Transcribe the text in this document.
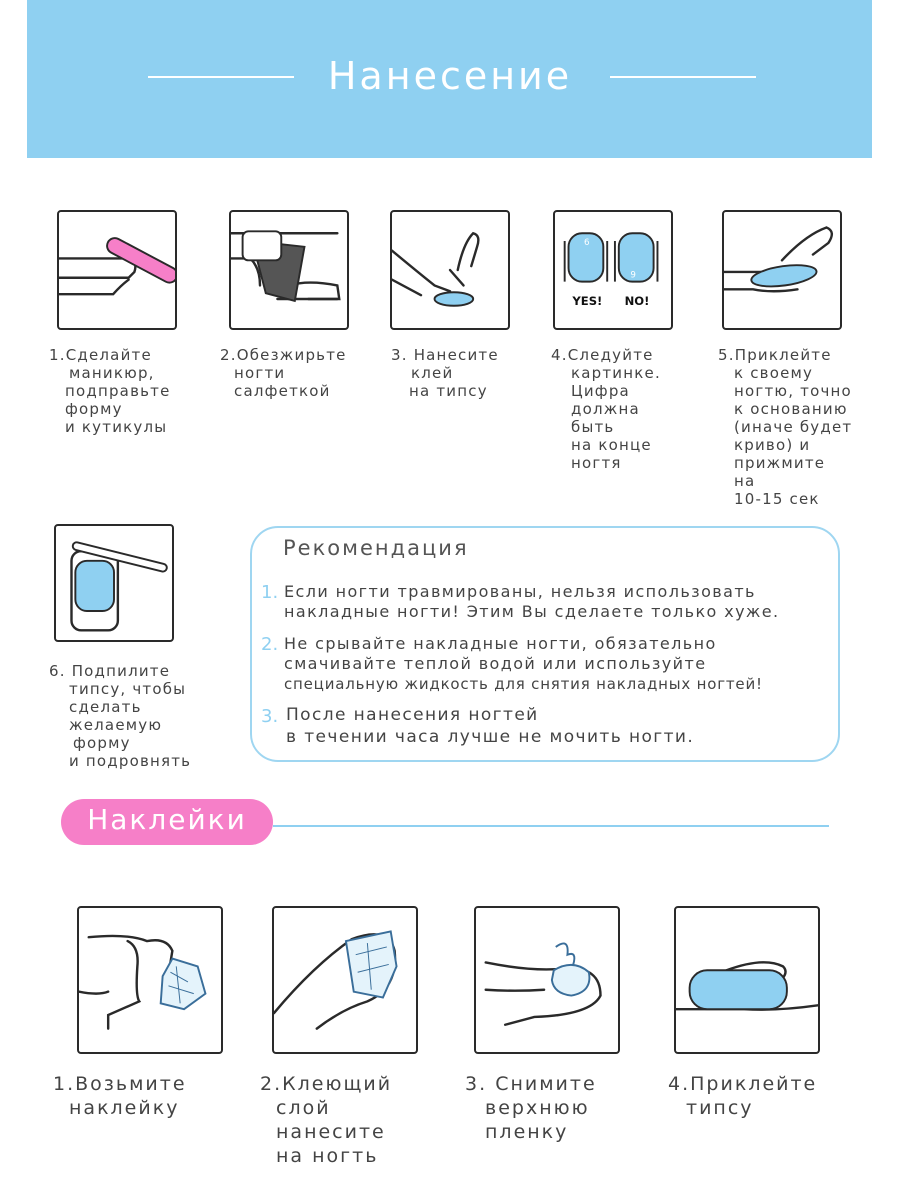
Нанесение
1.Сделайте
маникюр,
подправьте
форму
и кутикулы
2.Обезжирьте
ногти
салфеткой
3. Нанесите
клей
на типсу
6
9
YES! NO!
4.Следуйте
картинке.
Цифра
должна
быть
на конце
ногтя
5.Приклейте
к своему
ногтю, точно
к основанию
(иначе будет
криво) и
прижмите
на
10-15 сек
6. Подпилите
типсу, чтобы
сделать
желаемую
форму
и подровнять
Рекомендация
1. Если ногти травмированы, нельзя использовать
накладные ногти! Этим Вы сделаете только хуже.
2. Не срывайте накладные ногти, обязательно
смачивайте теплой водой или используйте
специальную жидкость для снятия накладных ногтей!
3. После нанесения ногтей
в течении часа лучше не мочить ногти.
Наклейки
1.Возьмите
наклейку
2.Клеющий
слой
нанесите
на ногть
3. Снимите
верхнюю
пленку
4.Приклейте
типсу
